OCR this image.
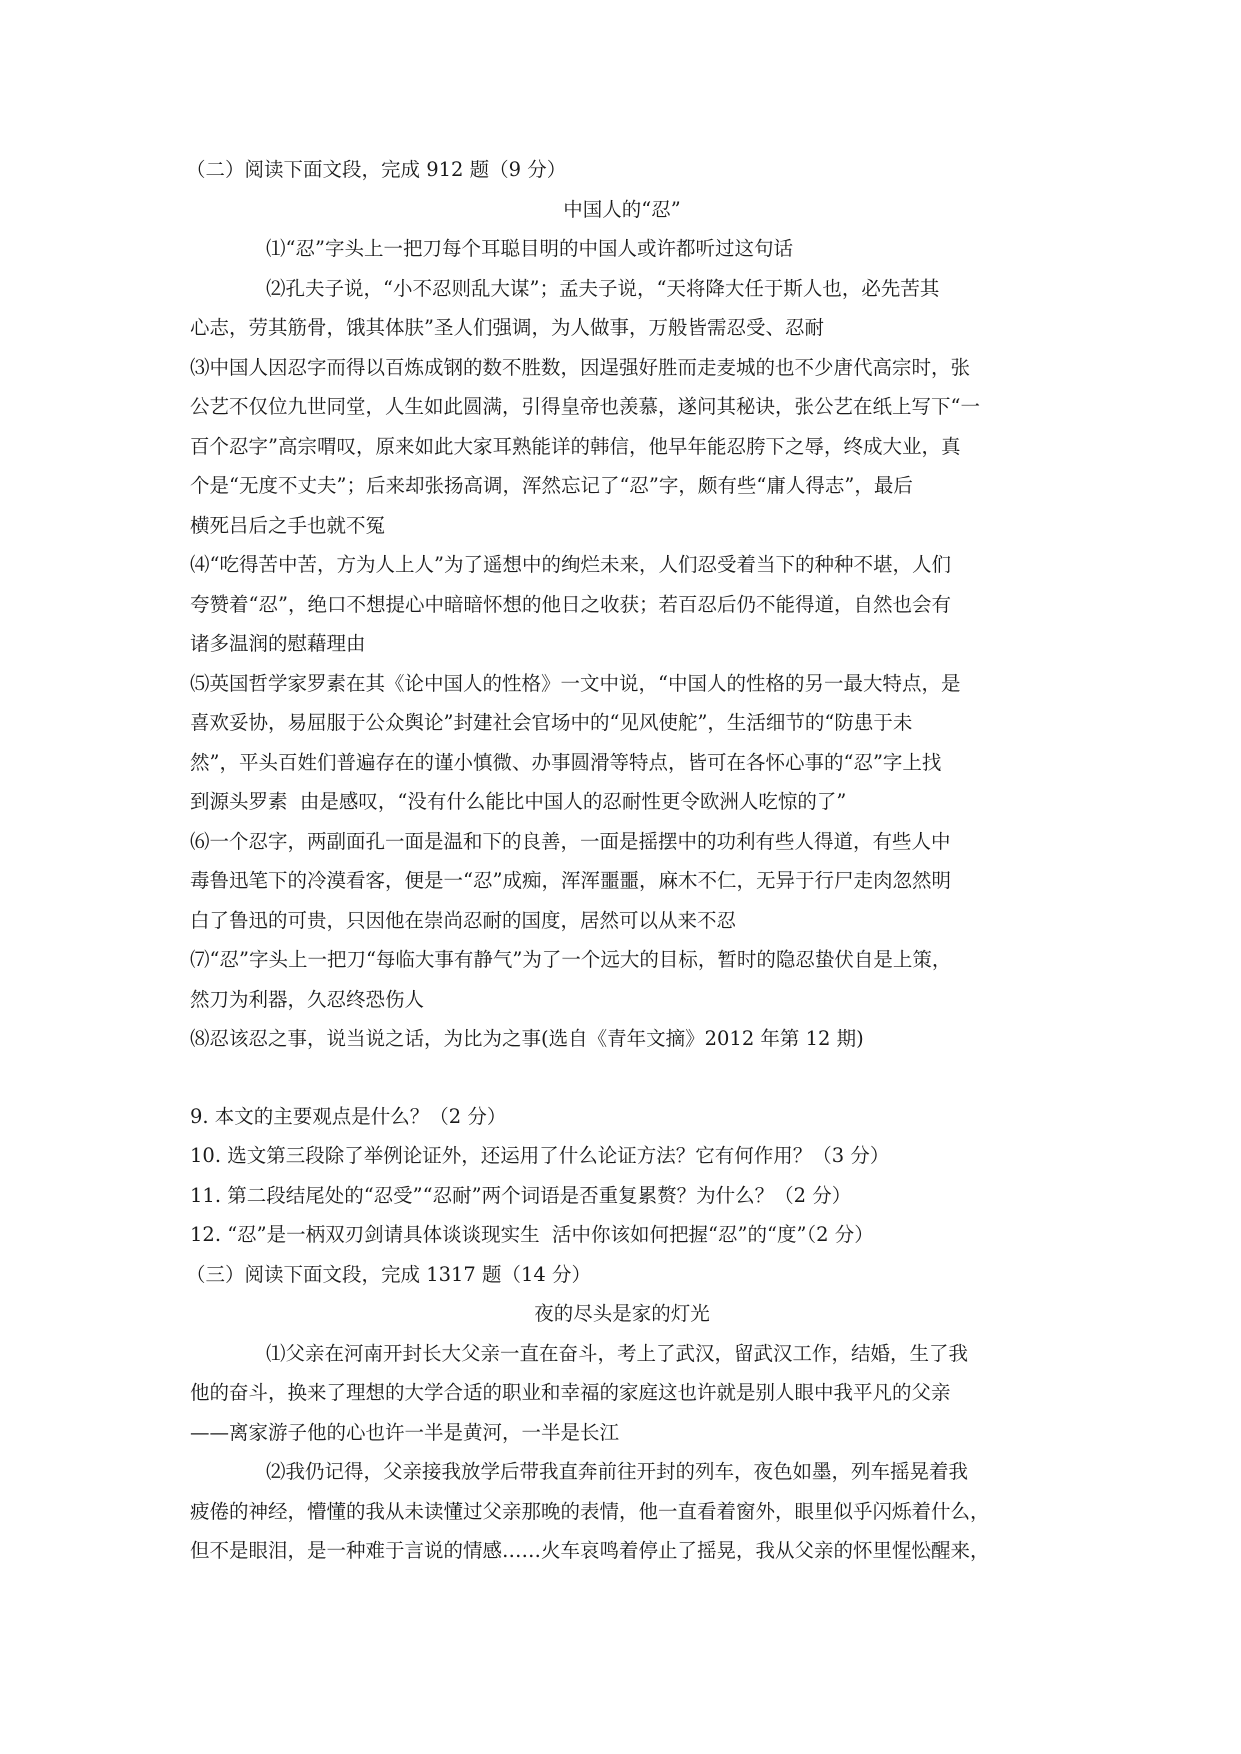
（二）阅读下面文段，完成 912 题（9 分）
中国人的“忍”
⑴“忍”字头上一把刀每个耳聪目明的中国人或许都听过这句话
⑵孔夫子说，“小不忍则乱大谋”；孟夫子说，“天将降大任于斯人也，必先苦其
心志，劳其筋骨，饿其体肤”圣人们强调，为人做事，万般皆需忍受、忍耐
⑶中国人因忍字而得以百炼成钢的数不胜数，因逞强好胜而走麦城的也不少唐代高宗时，张
公艺不仅位九世同堂，人生如此圆满，引得皇帝也羡慕，遂问其秘诀，张公艺在纸上写下“一
百个忍字”高宗喟叹，原来如此大家耳熟能详的韩信，他早年能忍胯下之辱，终成大业，真
个是“无度不丈夫”；后来却张扬高调，浑然忘记了“忍”字，颇有些“庸人得志”，最后
横死吕后之手也就不冤
⑷“吃得苦中苦，方为人上人”为了遥想中的绚烂未来，人们忍受着当下的种种不堪，人们
夸赞着“忍”，绝口不想提心中暗暗怀想的他日之收获；若百忍后仍不能得道，自然也会有
诸多温润的慰藉理由
⑸英国哲学家罗素在其《论中国人的性格》一文中说，“中国人的性格的另一最大特点，是
喜欢妥协，易屈服于公众舆论”封建社会官场中的“见风使舵”，生活细节的“防患于未
然”，平头百姓们普遍存在的谨小慎微、办事圆滑等特点，皆可在各怀心事的“忍”字上找
到源头罗素  由是感叹，“没有什么能比中国人的忍耐性更令欧洲人吃惊的了”
⑹一个忍字，两副面孔一面是温和下的良善，一面是摇摆中的功利有些人得道，有些人中
毒鲁迅笔下的冷漠看客，便是一“忍”成痴，浑浑噩噩，麻木不仁，无异于行尸走肉忽然明
白了鲁迅的可贵，只因他在崇尚忍耐的国度，居然可以从来不忍
⑺“忍”字头上一把刀“每临大事有静气”为了一个远大的目标，暂时的隐忍蛰伏自是上策，
然刀为利器，久忍终恐伤人
⑻忍该忍之事，说当说之话，为比为之事(选自《青年文摘》2012 年第 12 期)
9. 本文的主要观点是什么？（2 分）
10. 选文第三段除了举例论证外，还运用了什么论证方法？它有何作用？（3 分）
11. 第二段结尾处的“忍受”“忍耐”两个词语是否重复累赘？为什么？（2 分）
12. “忍”是一柄双刃剑请具体谈谈现实生  活中你该如何把握“忍”的“度”（2 分）
（三）阅读下面文段，完成 1317 题（14 分）
夜的尽头是家的灯光
⑴父亲在河南开封长大父亲一直在奋斗，考上了武汉，留武汉工作，结婚，生了我
他的奋斗，换来了理想的大学合适的职业和幸福的家庭这也许就是别人眼中我平凡的父亲
——离家游子他的心也许一半是黄河，一半是长江
⑵我仍记得，父亲接我放学后带我直奔前往开封的列车，夜色如墨，列车摇晃着我
疲倦的神经，懵懂的我从未读懂过父亲那晚的表情，他一直看着窗外，眼里似乎闪烁着什么，
但不是眼泪，是一种难于言说的情感……火车哀鸣着停止了摇晃，我从父亲的怀里惺忪醒来，
